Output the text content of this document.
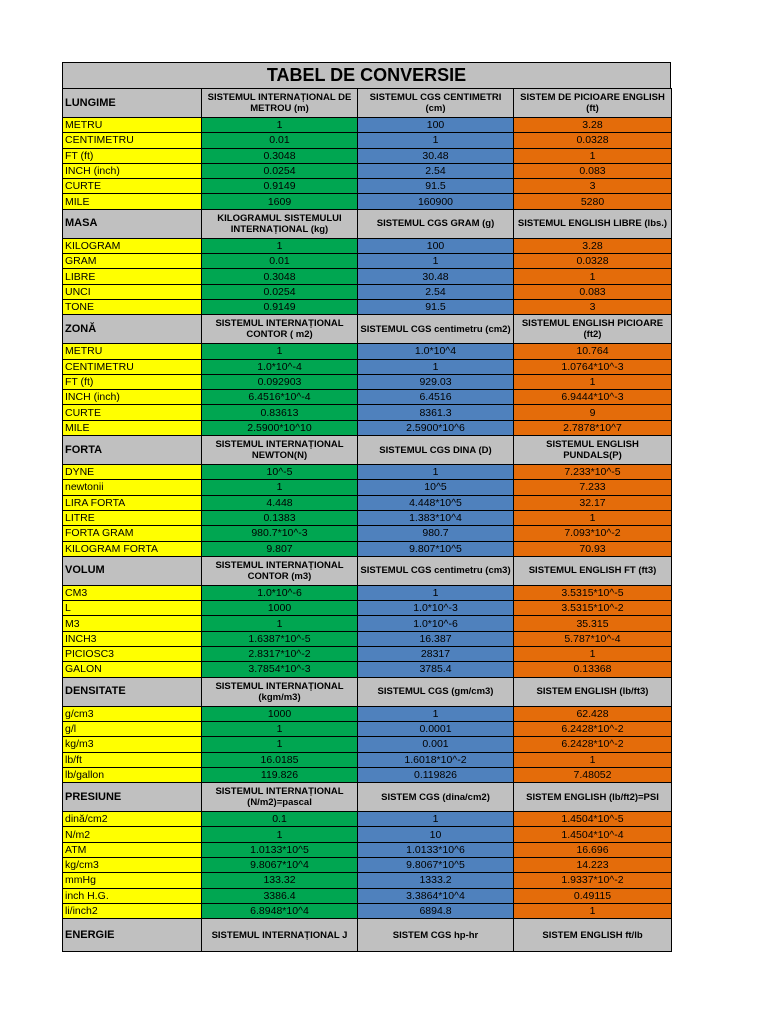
TABEL DE CONVERSIE
LUNGIME	SISTEMUL INTERNAȚIONAL DE METROU (m)	SISTEMUL CGS CENTIMETRI (cm)	SISTEM DE PICIOARE ENGLISH (ft)
METRU	1	100	3.28
CENTIMETRU	0.01	1	0.0328
FT (ft)	0.3048	30.48	1
INCH (inch)	0.0254	2.54	0.083
CURTE	0.9149	91.5	3
MILE	1609	160900	5280
MASA	KILOGRAMUL SISTEMULUI INTERNAȚIONAL (kg)	SISTEMUL CGS GRAM (g)	SISTEMUL ENGLISH LIBRE (lbs.)
KILOGRAM	1	100	3.28
GRAM	0.01	1	0.0328
LIBRE	0.3048	30.48	1
UNCI	0.0254	2.54	0.083
TONE	0.9149	91.5	3
ZONĂ	SISTEMUL INTERNAȚIONAL CONTOR ( m2)	SISTEMUL CGS centimetru (cm2)	SISTEMUL ENGLISH PICIOARE (ft2)
METRU	1	1.0*10^4	10.764
CENTIMETRU	1.0*10^-4	1	1.0764*10^-3
FT (ft)	0.092903	929.03	1
INCH (inch)	6.4516*10^-4	6.4516	6.9444*10^-3
CURTE	0.83613	8361.3	9
MILE	2.5900*10^10	2.5900*10^6	2.7878*10^7
FORTA	SISTEMUL INTERNAȚIONAL NEWTON(N)	SISTEMUL CGS DINA (D)	SISTEMUL ENGLISH PUNDALS(P)
DYNE	10^-5	1	7.233*10^-5
newtonii	1	10^5	7.233
LIRA FORTA	4.448	4.448*10^5	32.17
LITRE	0.1383	1.383*10^4	1
FORTA GRAM	980.7*10^-3	980.7	7.093*10^-2
KILOGRAM FORTA	9.807	9.807*10^5	70.93
VOLUM	SISTEMUL INTERNAȚIONAL CONTOR (m3)	SISTEMUL CGS centimetru (cm3)	SISTEMUL ENGLISH FT (ft3)
CM3	1.0*10^-6	1	3.5315*10^-5
L	1000	1.0*10^-3	3.5315*10^-2
M3	1	1.0*10^-6	35.315
INCH3	1.6387*10^-5	16.387	5.787*10^-4
PICIOSC3	2.8317*10^-2	28317	1
GALON	3.7854*10^-3	3785.4	0.13368
DENSITATE	SISTEMUL INTERNAȚIONAL (kgm/m3)	SISTEMUL CGS (gm/cm3)	SISTEM ENGLISH (lb/ft3)
g/cm3	1000	1	62.428
g/l	1	0.0001	6.2428*10^-2
kg/m3	1	0.001	6.2428*10^-2
lb/ft	16.0185	1.6018*10^-2	1
lb/gallon	119.826	0.119826	7.48052
PRESIUNE	SISTEMUL INTERNAȚIONAL (N/m2)=pascal	SISTEM CGS (dina/cm2)	SISTEM ENGLISH (lb/ft2)=PSI
dină/cm2	0.1	1	1.4504*10^-5
N/m2	1	10	1.4504*10^-4
ATM	1.0133*10^5	1.0133*10^6	16.696
kg/cm3	9.8067*10^4	9.8067*10^5	14.223
mmHg	133.32	1333.2	1.9337*10^-2
inch H.G.	3386.4	3.3864*10^4	0.49115
li/inch2	6.8948*10^4	6894.8	1
ENERGIE	SISTEMUL INTERNAȚIONAL J	SISTEM CGS hp-hr	SISTEM ENGLISH ft/lb
